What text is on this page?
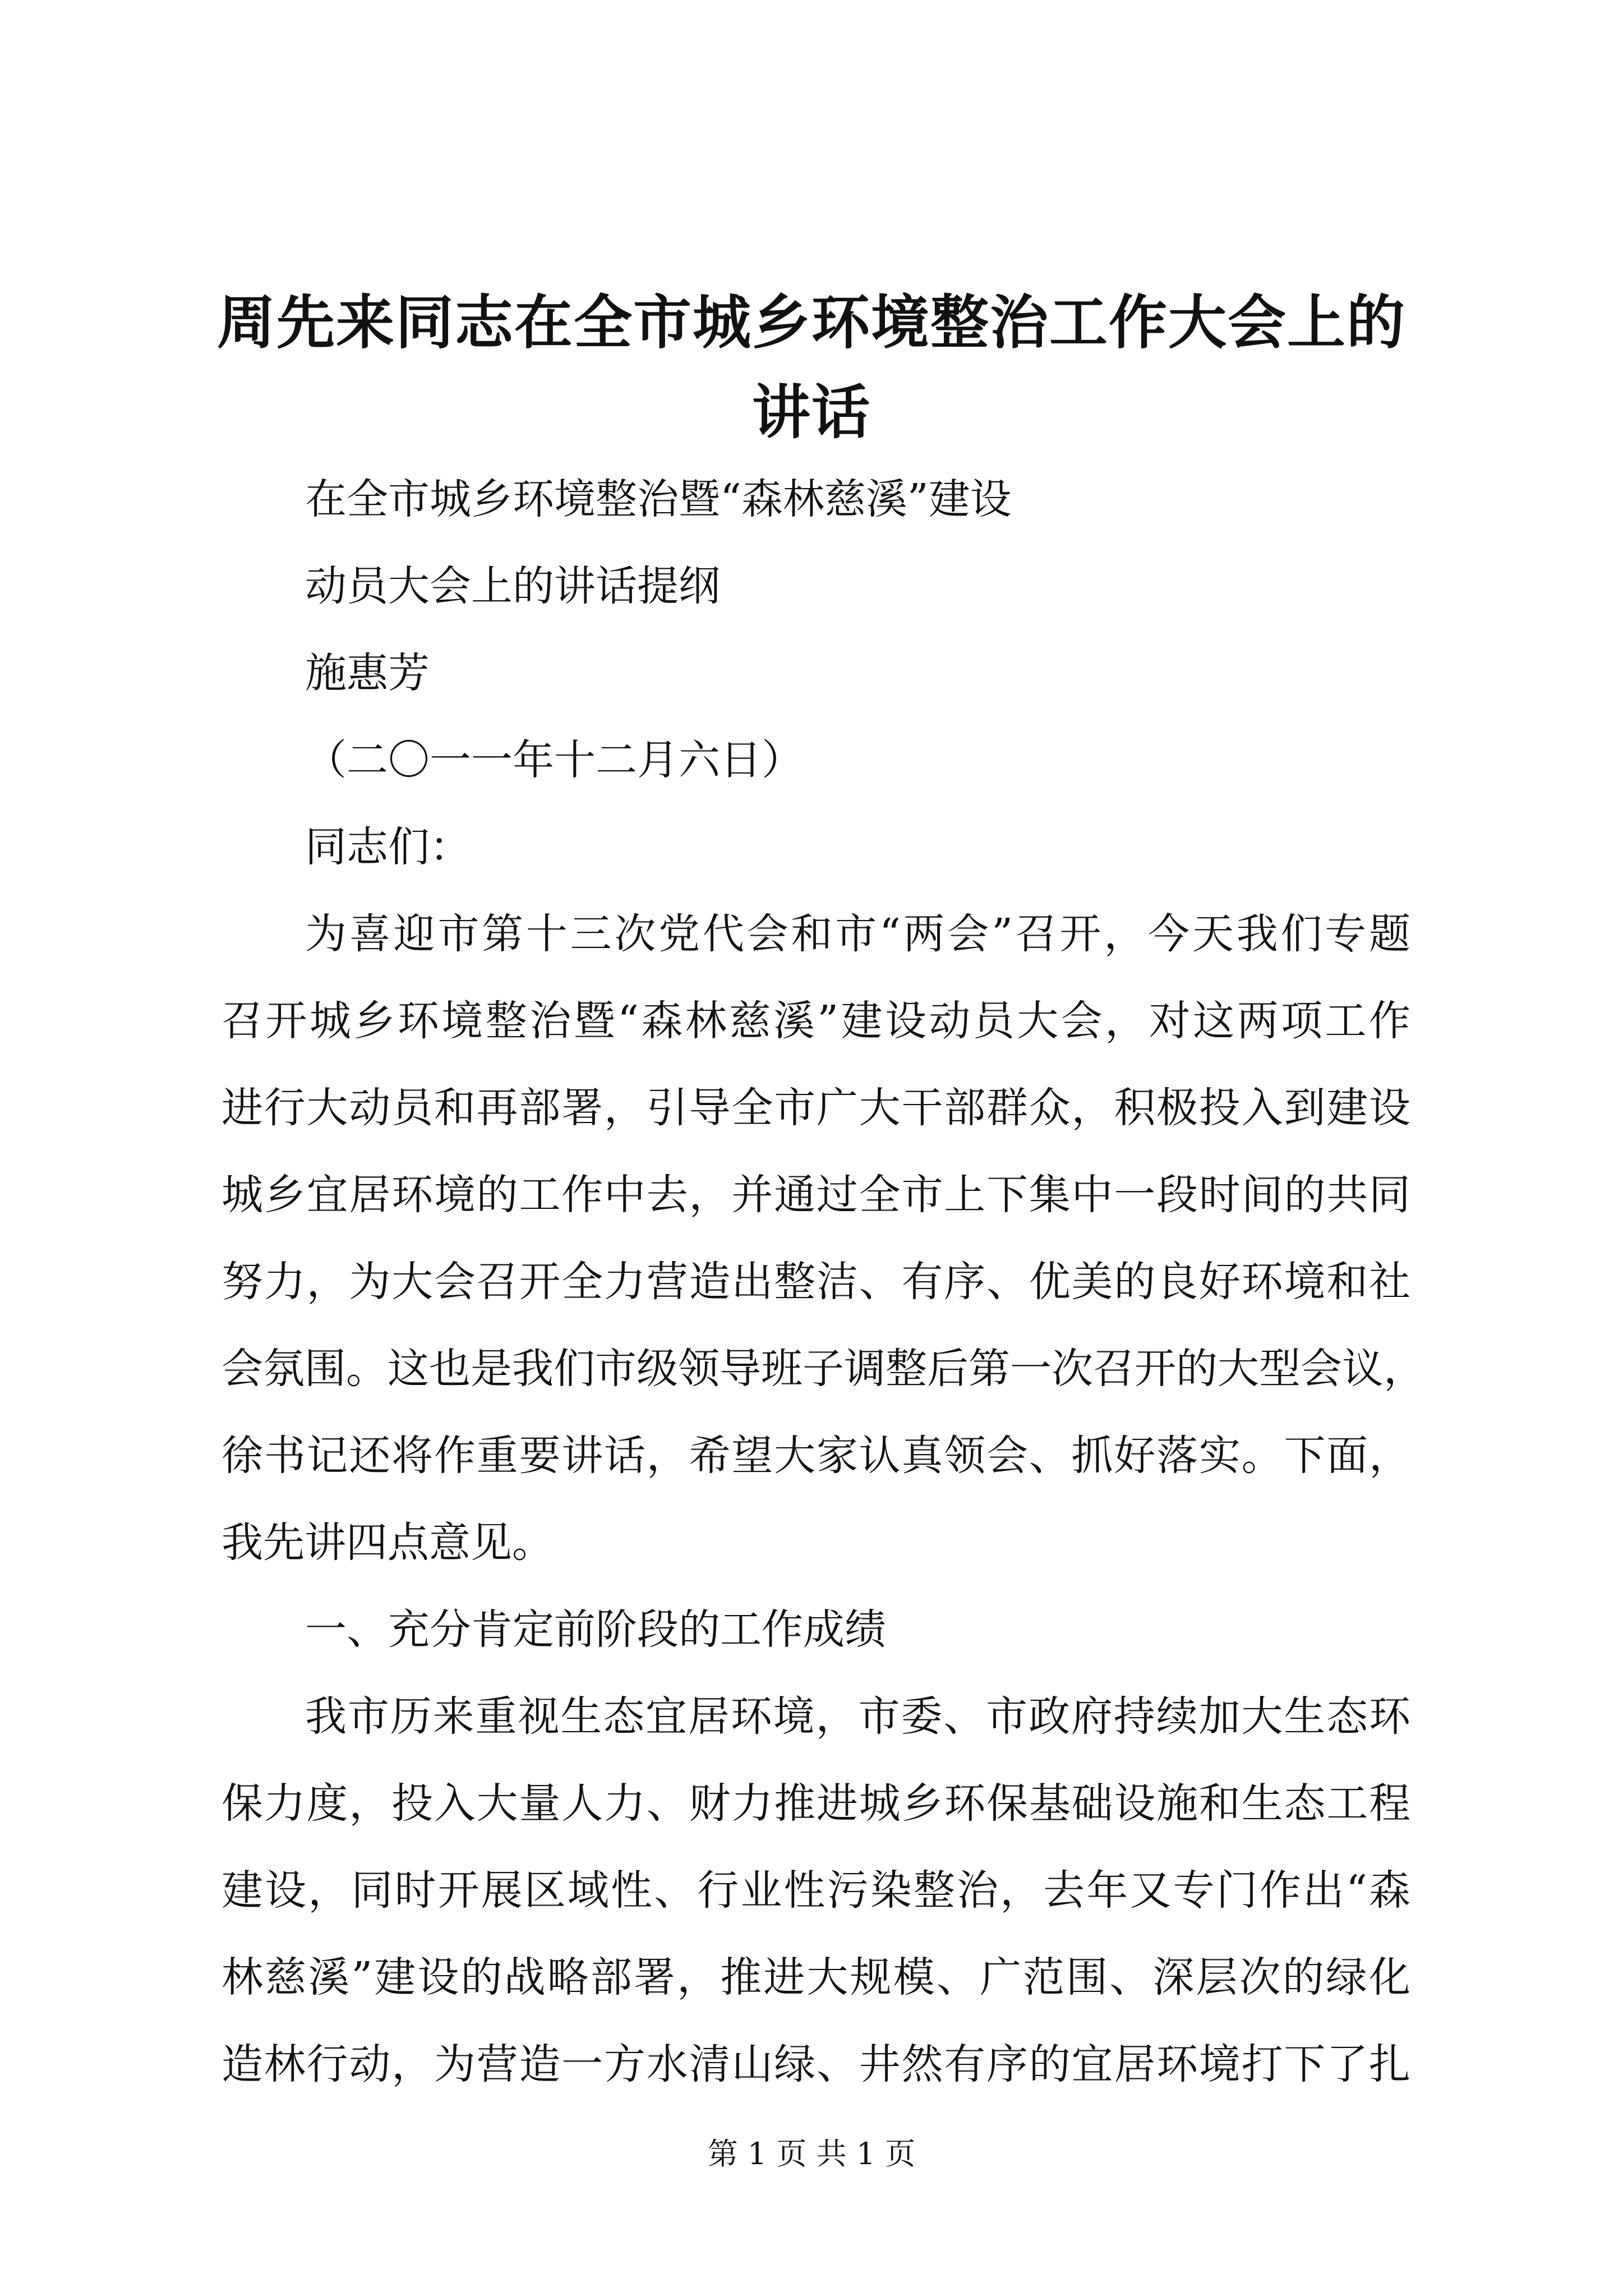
周先来同志在全市城乡环境整治工作大会上的
讲话
在全市城乡环境整治暨“森林慈溪”建设
动员大会上的讲话提纲
施惠芳
（二〇一一年十二月六日）
同志们：
为喜迎市第十三次党代会和市“两会”召开，今天我们专题
召开城乡环境整治暨“森林慈溪”建设动员大会，对这两项工作
进行大动员和再部署，引导全市广大干部群众，积极投入到建设
城乡宜居环境的工作中去，并通过全市上下集中一段时间的共同
努力，为大会召开全力营造出整洁、有序、优美的良好环境和社
会氛围。这也是我们市级领导班子调整后第一次召开的大型会议，
徐书记还将作重要讲话，希望大家认真领会、抓好落实。下面，
我先讲四点意见。
一、充分肯定前阶段的工作成绩
我市历来重视生态宜居环境，市委、市政府持续加大生态环
保力度，投入大量人力、财力推进城乡环保基础设施和生态工程
建设，同时开展区域性、行业性污染整治，去年又专门作出“森
林慈溪”建设的战略部署，推进大规模、广范围、深层次的绿化
造林行动，为营造一方水清山绿、井然有序的宜居环境打下了扎
第 1 页 共 1 页
